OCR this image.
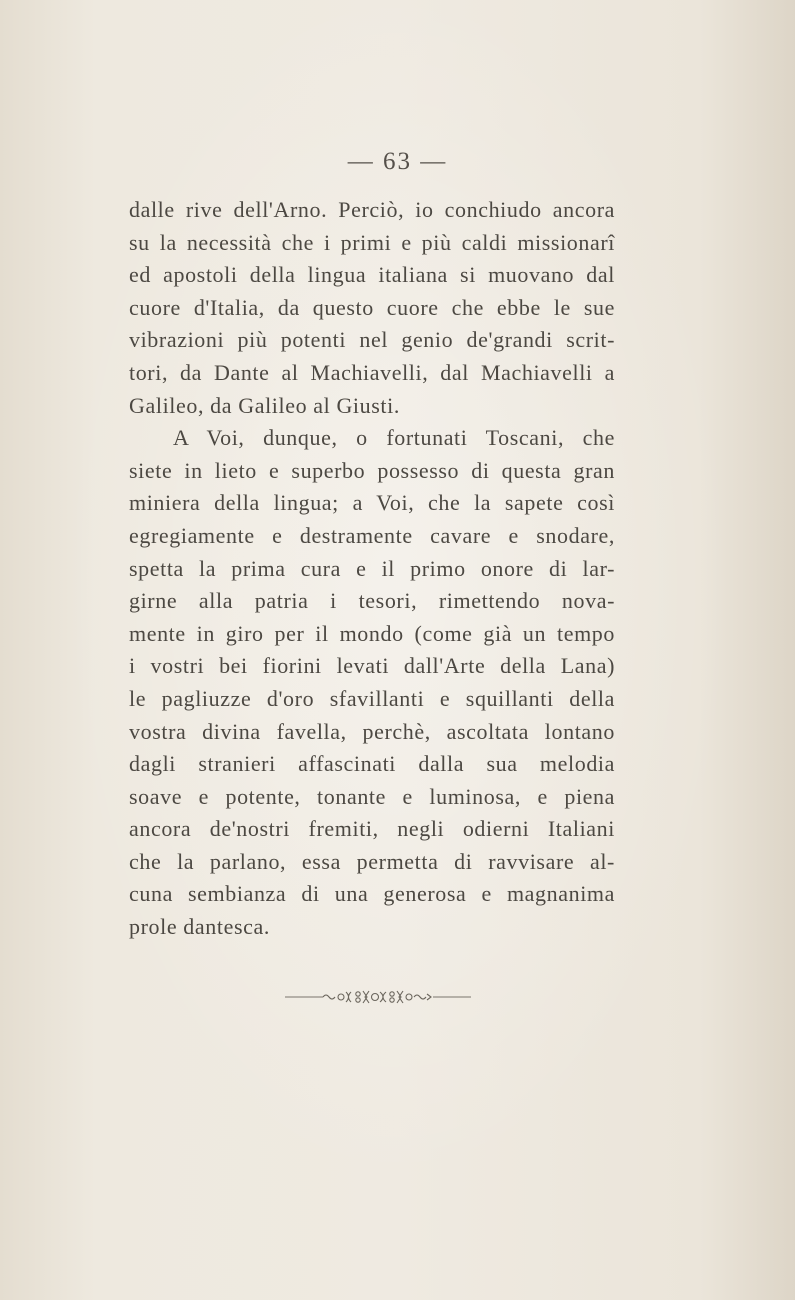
— 63 —
dalle rive dell'Arno. Perciò, io conchiudo ancora
su la necessità che i primi e più caldi missionarî
ed apostoli della lingua italiana si muovano dal
cuore d'Italia, da questo cuore che ebbe le sue
vibrazioni più potenti nel genio de'grandi scrit-
tori, da Dante al Machiavelli, dal Machiavelli a
Galileo, da Galileo al Giusti.
A Voi, dunque, o fortunati Toscani, che
siete in lieto e superbo possesso di questa gran
miniera della lingua; a Voi, che la sapete così
egregiamente e destramente cavare e snodare,
spetta la prima cura e il primo onore di lar-
girne alla patria i tesori, rimettendo nova-
mente in giro per il mondo (come già un tempo
i vostri bei fiorini levati dall'Arte della Lana)
le pagliuzze d'oro sfavillanti e squillanti della
vostra divina favella, perchè, ascoltata lontano
dagli stranieri affascinati dalla sua melodia
soave e potente, tonante e luminosa, e piena
ancora de'nostri fremiti, negli odierni Italiani
che la parlano, essa permetta di ravvisare al-
cuna sembianza di una generosa e magnanima
prole dantesca.
